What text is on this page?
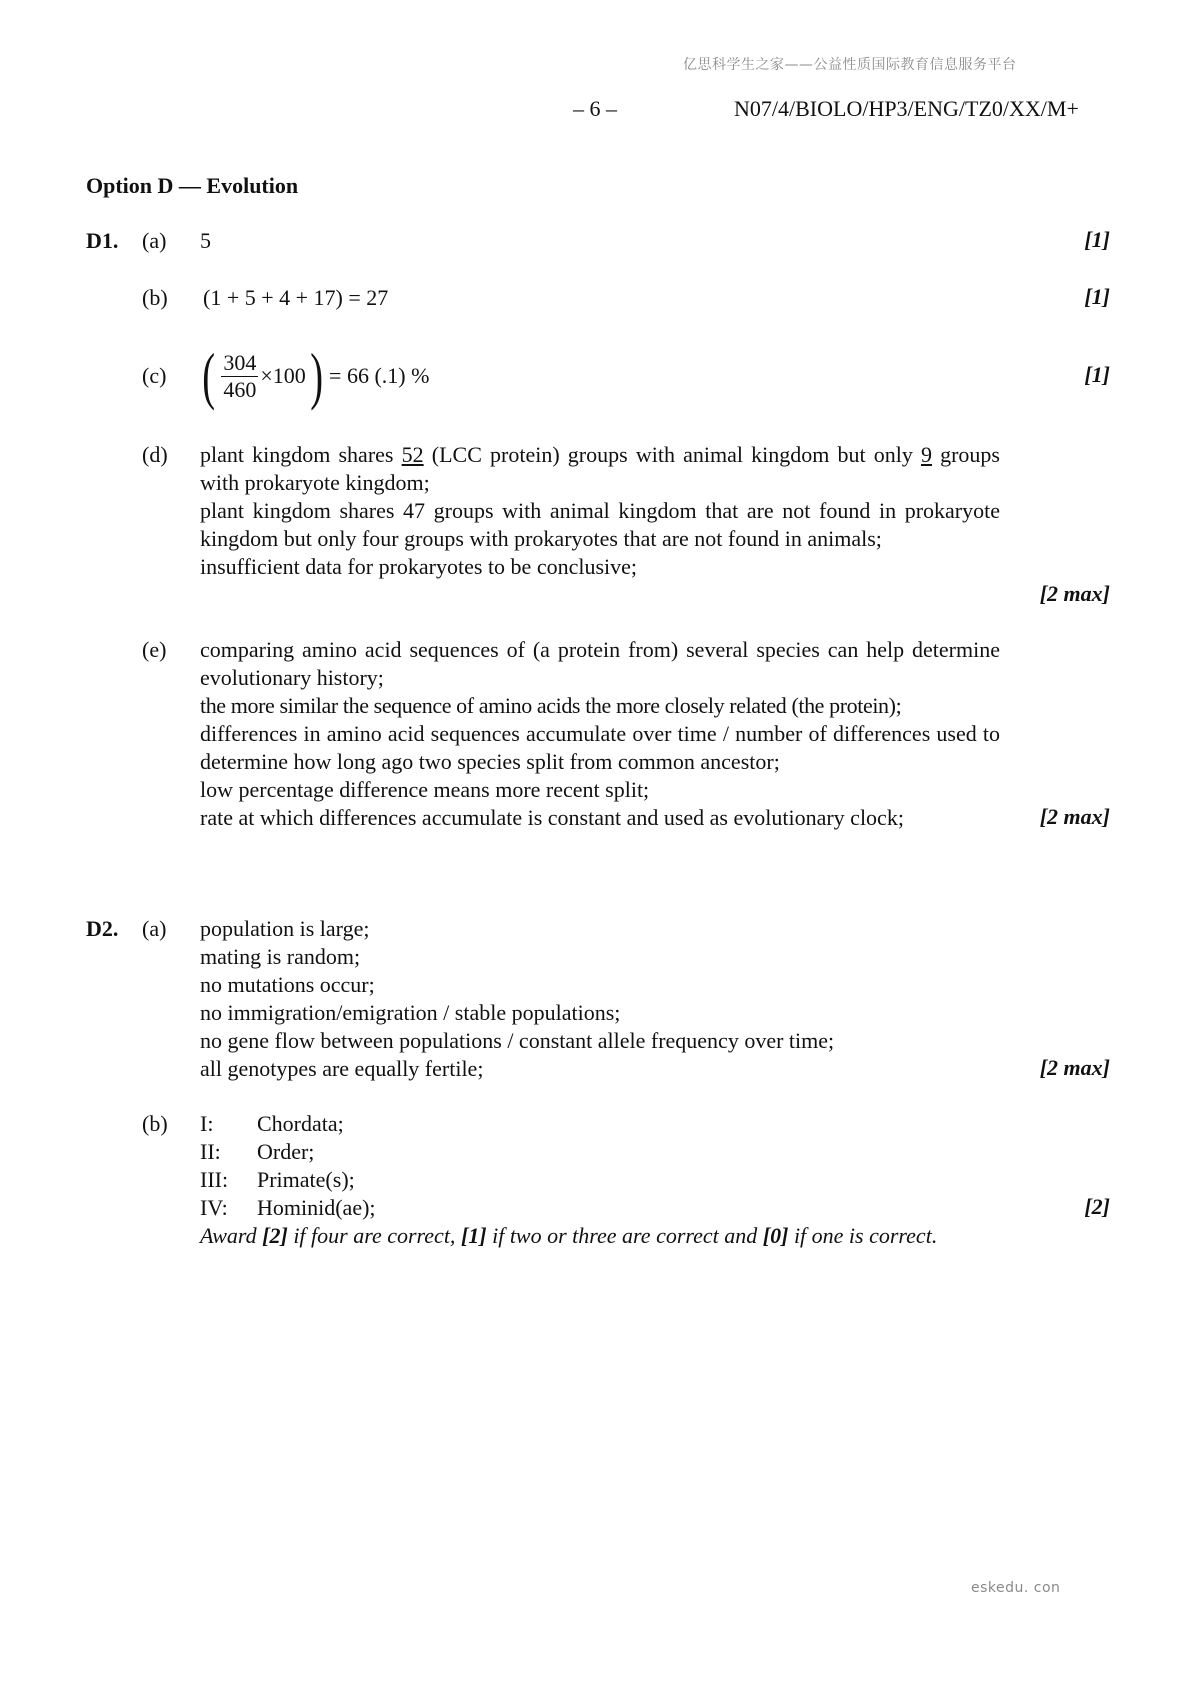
亿思科学生之家——公益性质国际教育信息服务平台
– 6 –	N07/4/BIOLO/HP3/ENG/TZ0/XX/M+
Option D — Evolution
D1. (a) 5	[1]
(b) (1 + 5 + 4 + 17) = 27	[1]
(c) ( $\frac{304}{460} \times 100$ ) = 66 (.1) %	[1]
(d) plant kingdom shares 52 (LCC protein) groups with animal kingdom but only 9 groups with prokaryote kingdom;
plant kingdom shares 47 groups with animal kingdom that are not found in prokaryote kingdom but only four groups with prokaryotes that are not found in animals;
insufficient data for prokaryotes to be conclusive;
[2 max]
(e) comparing amino acid sequences of (a protein from) several species can help determine evolutionary history;
the more similar the sequence of amino acids the more closely related (the protein);
differences in amino acid sequences accumulate over time / number of differences used to determine how long ago two species split from common ancestor;
low percentage difference means more recent split;
rate at which differences accumulate is constant and used as evolutionary clock;	[2 max]
D2. (a) population is large;
mating is random;
no mutations occur;
no immigration/emigration / stable populations;
no gene flow between populations / constant allele frequency over time;
all genotypes are equally fertile;	[2 max]
(b) I: Chordata;
II: Order;
III: Primate(s);
IV: Hominid(ae);
Award [2] if four are correct, [1] if two or three are correct and [0] if one is correct.
[2]
eskedu. con
